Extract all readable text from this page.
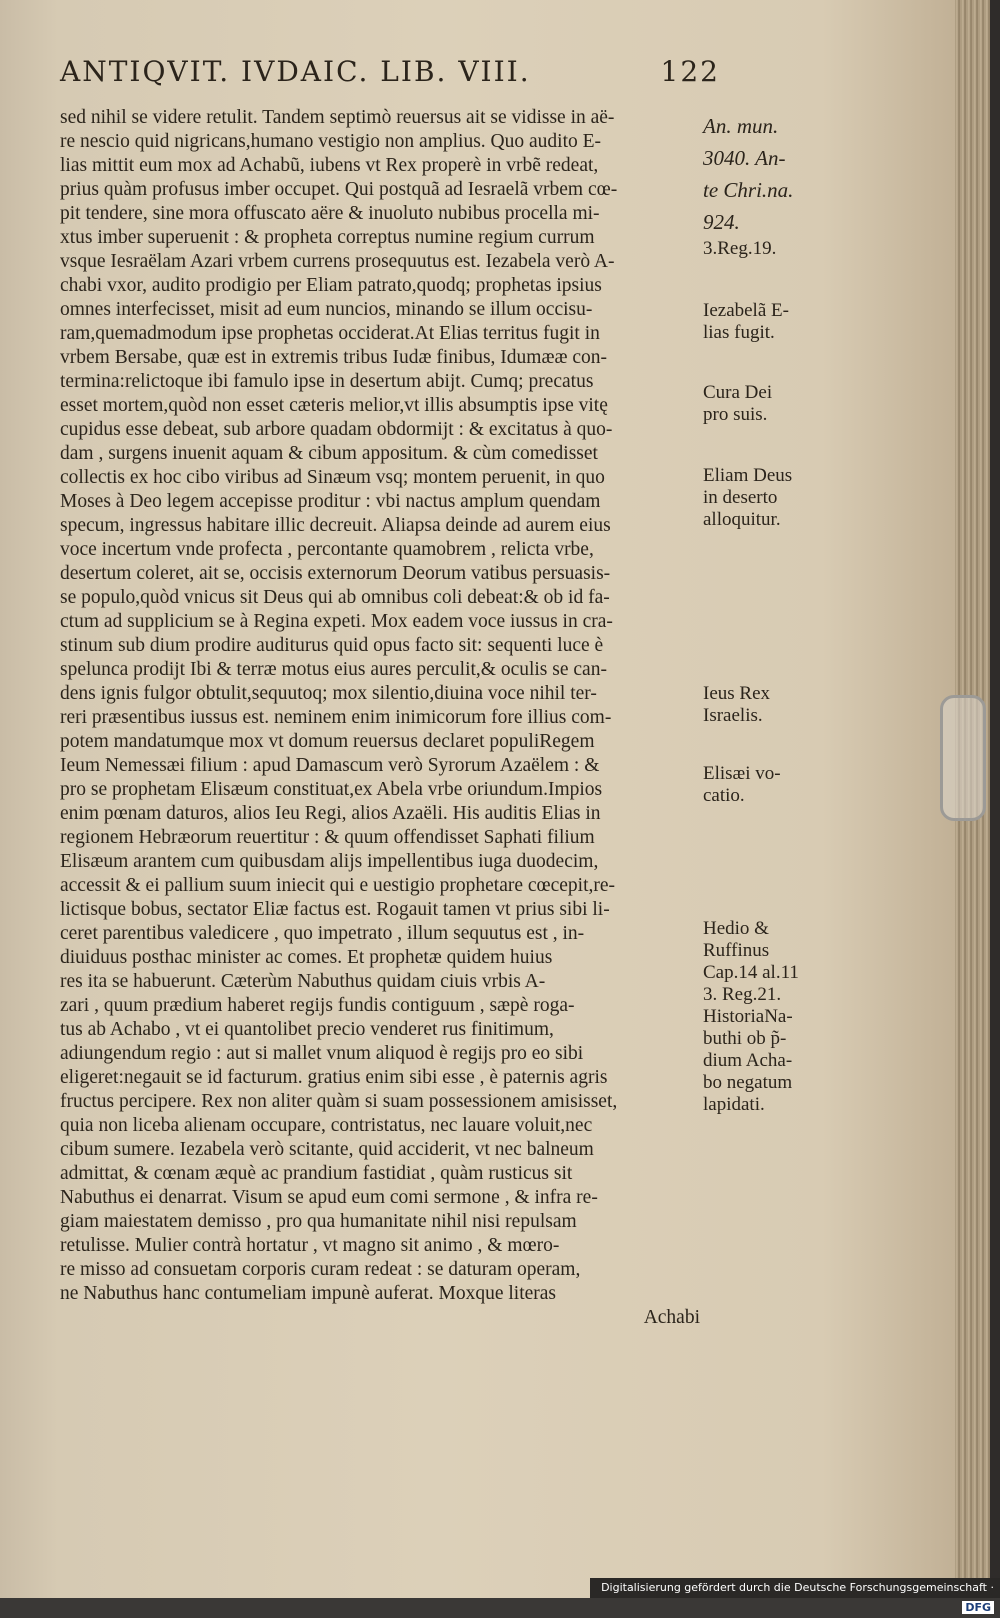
ANTIQVIT. IVDAIC. LIB. VIII.	122
sed nihil se videre retulit. Tandem septimò reuersus ait se vidisse in aë-
re nescio quid nigricans,humano vestigio non amplius. Quo audito E-
lias mittit eum mox ad Achabũ, iubens vt Rex properè in vrbẽ redeat,
prius quàm profusus imber occupet. Qui postquã ad Iesraelã vrbem cœ-
pit tendere, sine mora offuscato aëre & inuoluto nubibus procella mi-
xtus imber superuenit : & propheta correptus numine regium currum
vsque Iesraëlam Azari vrbem currens prosequutus est. Iezabela verò A-
chabi vxor, audito prodigio per Eliam patrato,quodq; prophetas ipsius
omnes interfecisset, misit ad eum nuncios, minando se illum occisu-
ram,quemadmodum ipse prophetas occiderat.At Elias territus fugit in
vrbem Bersabe, quæ est in extremis tribus Iudæ finibus, Idumææ con-
termina:relictoque ibi famulo ipse in desertum abijt. Cumq; precatus
esset mortem,quòd non esset cæteris melior,vt illis absumptis ipse vitę
cupidus esse debeat, sub arbore quadam obdormijt : & excitatus à quo-
dam , surgens inuenit aquam & cibum appositum. & cùm comedisset
collectis ex hoc cibo viribus ad Sinæum vsq; montem peruenit, in quo
Moses à Deo legem accepisse proditur : vbi nactus amplum quendam
specum, ingressus habitare illic decreuit. Aliapsa deinde ad aurem eius
voce incertum vnde profecta , percontante quamobrem , relicta vrbe,
desertum coleret, ait se, occisis externorum Deorum vatibus persuasis-
se populo,quòd vnicus sit Deus qui ab omnibus coli debeat:& ob id fa-
ctum ad supplicium se à Regina expeti. Mox eadem voce iussus in cra-
stinum sub dium prodire auditurus quid opus facto sit: sequenti luce è
spelunca prodijt Ibi & terræ motus eius aures perculit,& oculis se can-
dens ignis fulgor obtulit,sequutoq; mox silentio,diuina voce nihil ter-
reri præsentibus iussus est. neminem enim inimicorum fore illius com-
potem mandatumque mox vt domum reuersus declaret populiRegem
Ieum Nemessæi filium : apud Damascum verò Syrorum Azaëlem : &
pro se prophetam Elisæum constituat,ex Abela vrbe oriundum.Impios
enim pœnam daturos, alios Ieu Regi, alios Azaëli. His auditis Elias in
regionem Hebræorum reuertitur : & quum offendisset Saphati filium
Elisæum arantem cum quibusdam alijs impellentibus iuga duodecim,
accessit & ei pallium suum iniecit qui e uestigio prophetare cœcepit,re-
lictisque bobus, sectator Eliæ factus est. Rogauit tamen vt prius sibi li-
ceret parentibus valedicere , quo impetrato , illum sequutus est , in-
diuiduus posthac minister ac comes. Et prophetæ quidem huius
res ita se habuerunt. Cæterùm Nabuthus quidam ciuis vrbis A-
zari , quum prædium haberet regijs fundis contiguum , sæpè roga-
tus ab Achabo , vt ei quantolibet precio venderet rus finitimum,
adiungendum regio : aut si mallet vnum aliquod è regijs pro eo sibi
eligeret:negauit se id facturum. gratius enim sibi esse , è paternis agris
fructus percipere. Rex non aliter quàm si suam possessionem amisisset,
quia non liceba alienam occupare, contristatus, nec lauare voluit,nec
cibum sumere. Iezabela verò scitante, quid acciderit, vt nec balneum
admittat, & cœnam æquè ac prandium fastidiat , quàm rusticus sit
Nabuthus ei denarrat. Visum se apud eum comi sermone , & infra re-
giam maiestatem demisso , pro qua humanitate nihil nisi repulsam
retulisse. Mulier contrà hortatur , vt magno sit animo , & mœro-
re misso ad consuetam corporis curam redeat : se daturam operam,
ne Nabuthus hanc contumeliam impunè auferat. Moxque literas
Achabi
An. mun.
3040. An-
te Chri.na.
924.
3.Reg.19.
Iezabelã E-
lias fugit.
Cura Dei
pro suis.
Eliam Deus
in deserto
alloquitur.
Ieus Rex
Israelis.
Elisæi vo-
catio.
Hedio &
Ruffinus
Cap.14 al.11
3. Reg.21.
HistoriaNa-
buthi ob p̃-
dium Acha-
bo negatum
lapidati.
Digitalisierung gefördert durch die Deutsche Forschungsgemeinschaft · DFG
